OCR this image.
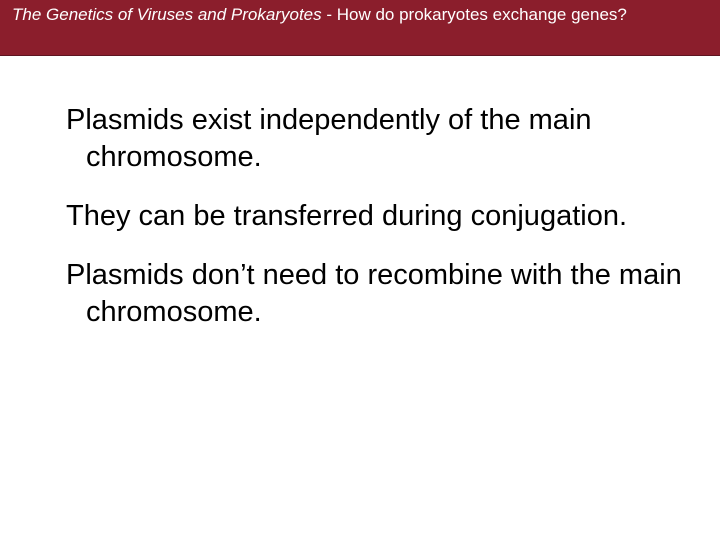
The Genetics of Viruses and Prokaryotes - How do prokaryotes exchange genes?

Plasmids exist independently of the main chromosome.

They can be transferred during conjugation.

Plasmids don’t need to recombine with the main chromosome.
